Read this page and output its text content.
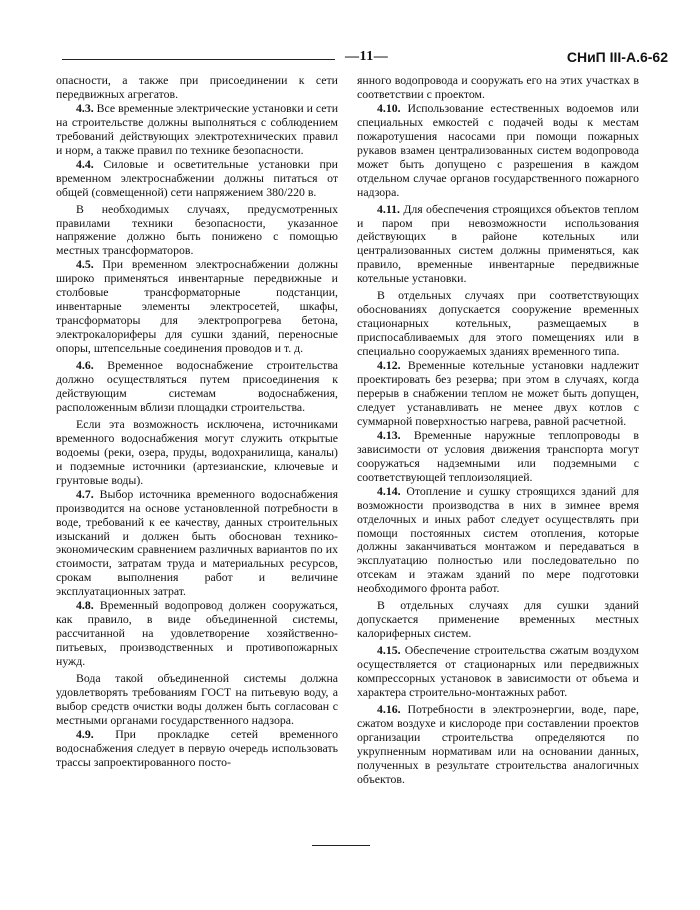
—11—	СНиП III-А.6-62

опасности, а также при присоединении к сети передвижных агрегатов.

4.3. Все временные электрические установки и сети на строительстве должны выполняться с соблюдением требований действующих электротехнических правил и норм, а также правил по технике безопасности.

4.4. Силовые и осветительные установки при временном электроснабжении должны питаться от общей (совмещенной) сети напряжением 380/220 в.

В необходимых случаях, предусмотренных правилами техники безопасности, указанное напряжение должно быть понижено с помощью местных трансформаторов.

4.5. При временном электроснабжении должны широко применяться инвентарные передвижные и столбовые трансформаторные подстанции, инвентарные элементы электросетей, шкафы, трансформаторы для электропрогрева бетона, электрокалориферы для сушки зданий, переносные опоры, штепсельные соединения проводов и т. д.

4.6. Временное водоснабжение строительства должно осуществляться путем присоединения к действующим системам водоснабжения, расположенным вблизи площадки строительства.

Если эта возможность исключена, источниками временного водоснабжения могут служить открытые водоемы (реки, озера, пруды, водохранилища, каналы) и подземные источники (артезианские, ключевые и грунтовые воды).

4.7. Выбор источника временного водоснабжения производится на основе установленной потребности в воде, требований к ее качеству, данных строительных изысканий и должен быть обоснован технико-экономическим сравнением различных вариантов по их стоимости, затратам труда и материальных ресурсов, срокам выполнения работ и величине эксплуатационных затрат.

4.8. Временный водопровод должен сооружаться, как правило, в виде объединенной системы, рассчитанной на удовлетворение хозяйственно-питьевых, производственных и противопожарных нужд.

Вода такой объединенной системы должна удовлетворять требованиям ГОСТ на питьевую воду, а выбор средств очистки воды должен быть согласован с местными органами государственного надзора.

4.9. При прокладке сетей временного водоснабжения следует в первую очередь использовать трассы запроектированного посто-

янного водопровода и сооружать его на этих участках в соответствии с проектом.

4.10. Использование естественных водоемов или специальных емкостей с подачей воды к местам пожаротушения насосами при помощи пожарных рукавов взамен централизованных систем водопровода может быть допущено с разрешения в каждом отдельном случае органов государственного пожарного надзора.

4.11. Для обеспечения строящихся объектов теплом и паром при невозможности использования действующих в районе котельных или централизованных систем должны применяться, как правило, временные инвентарные передвижные котельные установки.

В отдельных случаях при соответствующих обоснованиях допускается сооружение временных стационарных котельных, размещаемых в приспосабливаемых для этого помещениях или в специально сооружаемых зданиях временного типа.

4.12. Временные котельные установки надлежит проектировать без резерва; при этом в случаях, когда перерыв в снабжении теплом не может быть допущен, следует устанавливать не менее двух котлов с суммарной поверхностью нагрева, равной расчетной.

4.13. Временные наружные теплопроводы в зависимости от условия движения транспорта могут сооружаться надземными или подземными с соответствующей теплоизоляцией.

4.14. Отопление и сушку строящихся зданий для возможности производства в них в зимнее время отделочных и иных работ следует осуществлять при помощи постоянных систем отопления, которые должны заканчиваться монтажом и передаваться в эксплуатацию полностью или последовательно по отсекам и этажам зданий по мере подготовки необходимого фронта работ.

В отдельных случаях для сушки зданий допускается применение временных местных калориферных систем.

4.15. Обеспечение строительства сжатым воздухом осуществляется от стационарных или передвижных компрессорных установок в зависимости от объема и характера строительно-монтажных работ.

4.16. Потребности в электроэнергии, воде, паре, сжатом воздухе и кислороде при составлении проектов организации строительства определяются по укрупненным нормативам или на основании данных, полученных в результате строительства аналогичных объектов.
